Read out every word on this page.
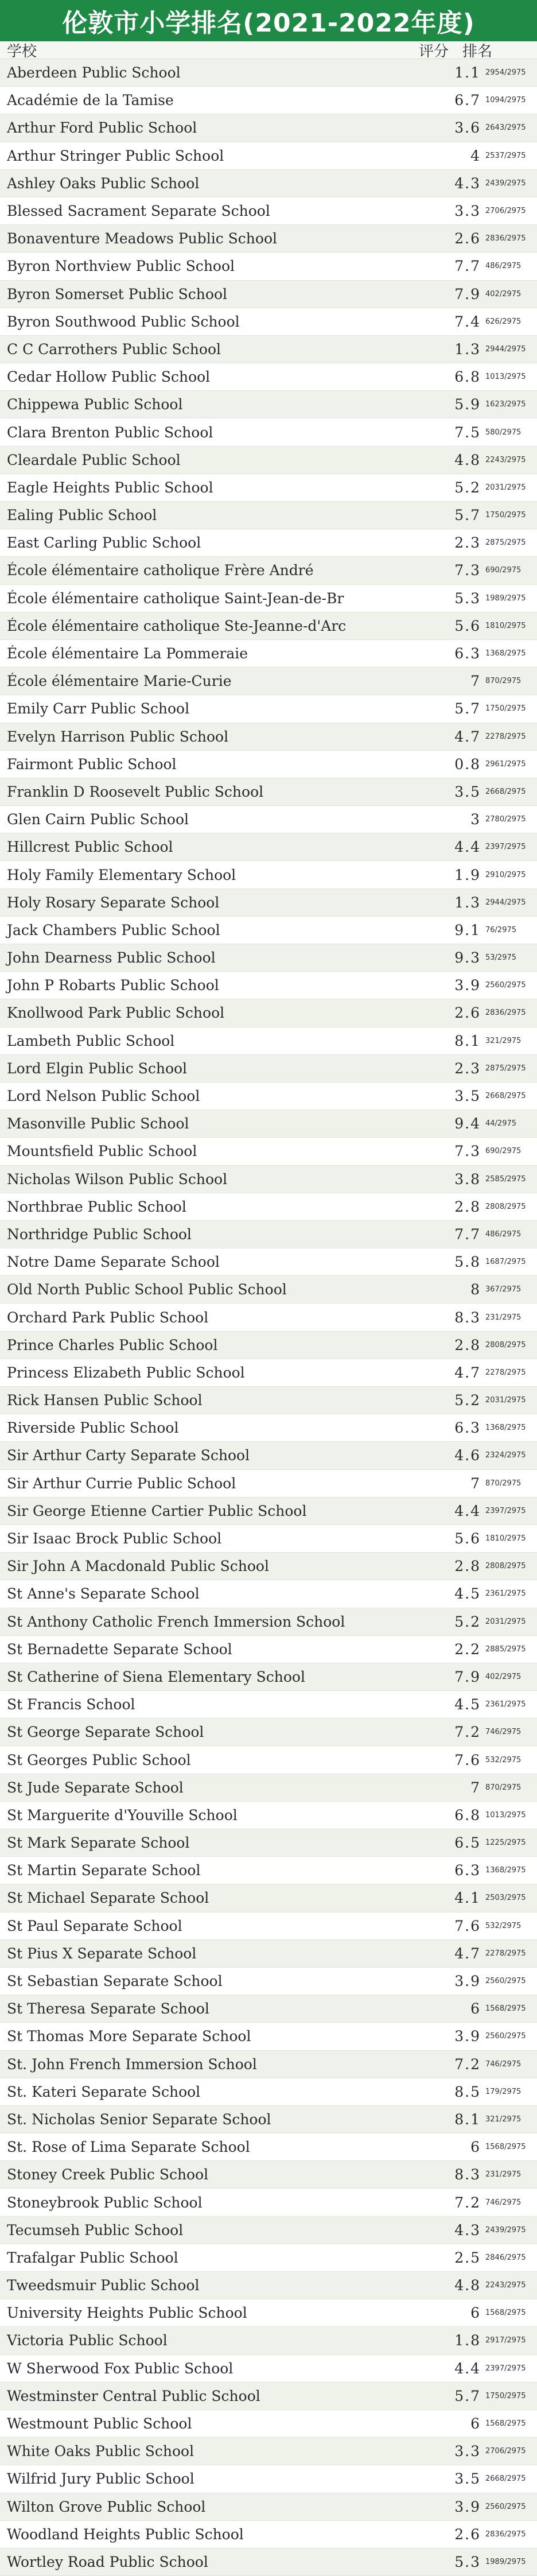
伦敦市小学排名(2021-2022年度)
学校	评分 排名
Aberdeen Public School	1.1 2954/2975
Académie de la Tamise	6.7 1094/2975
Arthur Ford Public School	3.6 2643/2975
Arthur Stringer Public School	4 2537/2975
Ashley Oaks Public School	4.3 2439/2975
Blessed Sacrament Separate School	3.3 2706/2975
Bonaventure Meadows Public School	2.6 2836/2975
Byron Northview Public School	7.7 486/2975
Byron Somerset Public School	7.9 402/2975
Byron Southwood Public School	7.4 626/2975
C C Carrothers Public School	1.3 2944/2975
Cedar Hollow Public School	6.8 1013/2975
Chippewa Public School	5.9 1623/2975
Clara Brenton Public School	7.5 580/2975
Cleardale Public School	4.8 2243/2975
Eagle Heights Public School	5.2 2031/2975
Ealing Public School	5.7 1750/2975
East Carling Public School	2.3 2875/2975
École élémentaire catholique Frère André	7.3 690/2975
École élémentaire catholique Saint-Jean-de-Br	5.3 1989/2975
École élémentaire catholique Ste-Jeanne-d'Arc	5.6 1810/2975
École élémentaire La Pommeraie	6.3 1368/2975
École élémentaire Marie-Curie	7 870/2975
Emily Carr Public School	5.7 1750/2975
Evelyn Harrison Public School	4.7 2278/2975
Fairmont Public School	0.8 2961/2975
Franklin D Roosevelt Public School	3.5 2668/2975
Glen Cairn Public School	3 2780/2975
Hillcrest Public School	4.4 2397/2975
Holy Family Elementary School	1.9 2910/2975
Holy Rosary Separate School	1.3 2944/2975
Jack Chambers Public School	9.1 76/2975
John Dearness Public School	9.3 53/2975
John P Robarts Public School	3.9 2560/2975
Knollwood Park Public School	2.6 2836/2975
Lambeth Public School	8.1 321/2975
Lord Elgin Public School	2.3 2875/2975
Lord Nelson Public School	3.5 2668/2975
Masonville Public School	9.4 44/2975
Mountsfield Public School	7.3 690/2975
Nicholas Wilson Public School	3.8 2585/2975
Northbrae Public School	2.8 2808/2975
Northridge Public School	7.7 486/2975
Notre Dame Separate School	5.8 1687/2975
Old North Public School Public School	8 367/2975
Orchard Park Public School	8.3 231/2975
Prince Charles Public School	2.8 2808/2975
Princess Elizabeth Public School	4.7 2278/2975
Rick Hansen Public School	5.2 2031/2975
Riverside Public School	6.3 1368/2975
Sir Arthur Carty Separate School	4.6 2324/2975
Sir Arthur Currie Public School	7 870/2975
Sir George Etienne Cartier Public School	4.4 2397/2975
Sir Isaac Brock Public School	5.6 1810/2975
Sir John A Macdonald Public School	2.8 2808/2975
St Anne's Separate School	4.5 2361/2975
St Anthony Catholic French Immersion School	5.2 2031/2975
St Bernadette Separate School	2.2 2885/2975
St Catherine of Siena Elementary School	7.9 402/2975
St Francis School	4.5 2361/2975
St George Separate School	7.2 746/2975
St Georges Public School	7.6 532/2975
St Jude Separate School	7 870/2975
St Marguerite d'Youville School	6.8 1013/2975
St Mark Separate School	6.5 1225/2975
St Martin Separate School	6.3 1368/2975
St Michael Separate School	4.1 2503/2975
St Paul Separate School	7.6 532/2975
St Pius X Separate School	4.7 2278/2975
St Sebastian Separate School	3.9 2560/2975
St Theresa Separate School	6 1568/2975
St Thomas More Separate School	3.9 2560/2975
St. John French Immersion School	7.2 746/2975
St. Kateri Separate School	8.5 179/2975
St. Nicholas Senior Separate School	8.1 321/2975
St. Rose of Lima Separate School	6 1568/2975
Stoney Creek Public School	8.3 231/2975
Stoneybrook Public School	7.2 746/2975
Tecumseh Public School	4.3 2439/2975
Trafalgar Public School	2.5 2846/2975
Tweedsmuir Public School	4.8 2243/2975
University Heights Public School	6 1568/2975
Victoria Public School	1.8 2917/2975
W Sherwood Fox Public School	4.4 2397/2975
Westminster Central Public School	5.7 1750/2975
Westmount Public School	6 1568/2975
White Oaks Public School	3.3 2706/2975
Wilfrid Jury Public School	3.5 2668/2975
Wilton Grove Public School	3.9 2560/2975
Woodland Heights Public School	2.6 2836/2975
Wortley Road Public School	5.3 1989/2975
